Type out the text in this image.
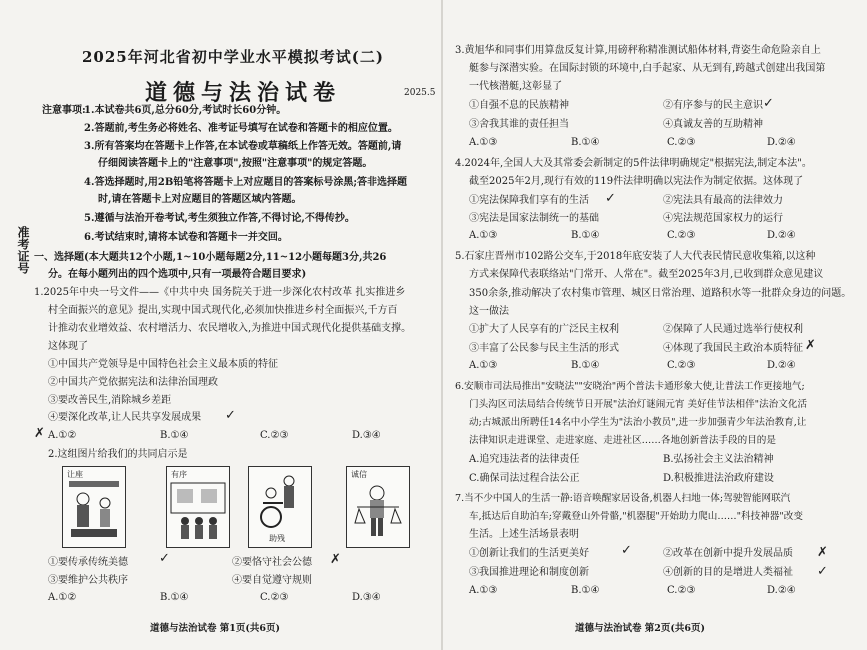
准考证号
2025年河北省初中学业水平模拟考试(二)
道德与法治试卷	2025.5
注意事项:
1.本试卷共6页,总分60分,考试时长60分钟。
2.答题前,考生务必将姓名、准考证号填写在试卷和答题卡的相应位置。
3.所有答案均在答题卡上作答,在本试卷或草稿纸上作答无效。答题前,请
仔细阅读答题卡上的"注意事项",按照"注意事项"的规定答题。
4.答选择题时,用2B铅笔将答题卡上对应题目的答案标号涂黑;答非选择题
时,请在答题卡上对应题目的答题区域内答题。
5.遵循与法治开卷考试,考生须独立作答,不得讨论,不得传抄。
6.考试结束时,请将本试卷和答题卡一并交回。
一、选择题(本大题共12个小题,1~10小题每题2分,11~12小题每题3分,共26
分。在每小题列出的四个选项中,只有一项最符合题目要求)
1.2025年中央一号文件——《中共中央 国务院关于进一步深化农村改革 扎实推进乡
村全面振兴的意见》提出,实现中国式现代化,必须加快推进乡村全面振兴,千方百
计推动农业增效益、农村增活力、农民增收入,为推进中国式现代化提供基础支撑。
这体现了
①中国共产党领导是中国特色社会主义最本质的特征
②中国共产党依据宪法和法律治国理政
③要改善民生,消除城乡差距
④要深化改革,让人民共享发展成果
A.①②	B.①④	C.②③	D.③④
2.这组图片给我们的共同启示是
让座	有序
助残
诚信
①要传承传统美德	②要恪守社会公德
③要维护公共秩序	④要自觉遵守规则
A.①②	B.①④	C.②③	D.③④
道德与法治试卷 第1页(共6页)
✓
✗
✓	✗
3.黄旭华和同事们用算盘反复计算,用磅秤称精准测试船体材料,背姿生命危险亲自上
艇参与深潜实验。在国际封锁的环境中,白手起家、从无到有,跨越式创建出我国第
一代核潜艇,这彰显了
①自强不息的民族精神	②有序参与的民主意识
③舍我其谁的责任担当	④真诚友善的互助精神
A.①③	B.①④	C.②③	D.②④
4.2024年,全国人大及其常委会新制定的5件法律明确规定"根据宪法,制定本法"。
截至2025年2月,现行有效的119件法律明确以宪法作为制定依据。这体现了
①宪法保障我们享有的生活	②宪法具有最高的法律效力
③宪法是国家法制统一的基础	④宪法规范国家权力的运行
A.①③	B.①④	C.②③	D.②④
5.石家庄晋州市102路公交车,于2018年底安装了人大代表民情民意收集箱,以这种
方式来保障代表联络站"门常开、人常在"。截至2025年3月,已收到群众意见建议
350余条,推动解决了农村集市管理、城区日常治理、道路积水等一批群众身边的问题。
这一做法
①扩大了人民享有的广泛民主权利	②保障了人民通过选举行使权利
③丰富了公民参与民主生活的形式	④体现了我国民主政治本质特征
A.①③	B.①④	C.②③	D.②④
6.安顺市司法局推出"安晓法""安晓治"两个普法卡通形象大使,让普法工作更接地气;
门头沟区司法局结合传统节日开展"法治灯谜闹元宵 美好佳节法相伴"法治文化活
动;古城派出所聘任14名中小学生为"法治小教员",进一步加强青少年法治教育,让
法律知识走进课堂、走进家庭、走进社区……各地创新普法手段的目的是
A.追究违法者的法律责任	B.弘扬社会主义法治精神
C.确保司法过程合法公正	D.积极推进法治政府建设
7.当不少中国人的生活一静:语音唤醒家居设备,机器人扫地一体;驾驶智能网联汽
车,抵达后自助泊车;穿戴登山外骨骼,"机器腿"开始助力爬山……"科技神器"改变
生活。上述生活场景表明
①创新让我们的生活更美好	②改革在创新中提升发展品质
③我国推进理论和制度创新	④创新的目的是增进人类福祉
A.①③	B.①④	C.②③	D.②④
道德与法治试卷 第2页(共6页)
✓
✓
✗
✓	✗
✓
